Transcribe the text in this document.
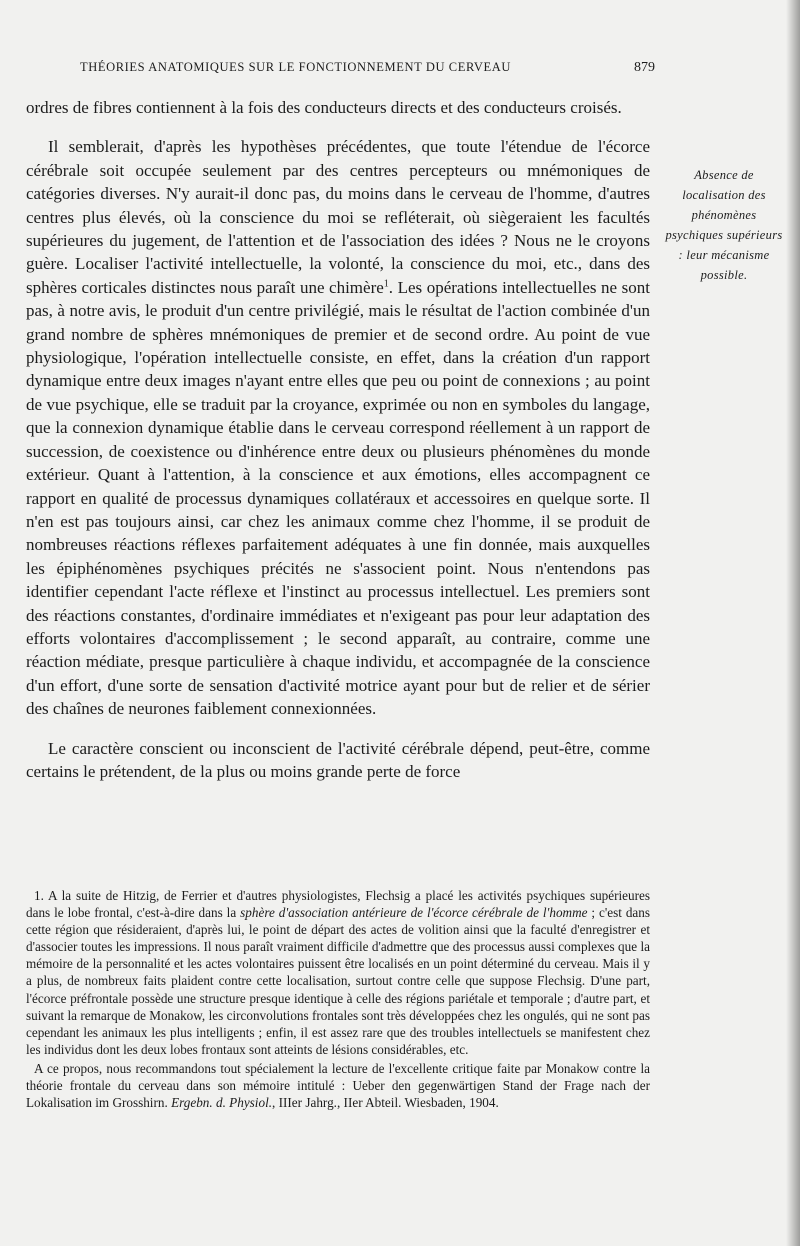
THÉORIES ANATOMIQUES SUR LE FONCTIONNEMENT DU CERVEAU	879

ordres de fibres contiennent à la fois des conducteurs directs et des conducteurs croisés.

Il semblerait, d'après les hypothèses précédentes, que toute l'étendue de l'écorce cérébrale soit occupée seulement par des centres percepteurs ou mnémoniques de catégories diverses. N'y aurait-il donc pas, du moins dans le cerveau de l'homme, d'autres centres plus élevés, où la conscience du moi se refléterait, où siègeraient les facultés supérieures du jugement, de l'attention et de l'association des idées ? Nous ne le croyons guère. Localiser l'activité intellectuelle, la volonté, la conscience du moi, etc., dans des sphères corticales distinctes nous paraît une chimère$^1$. Les opérations intellectuelles ne sont pas, à notre avis, le produit d'un centre privilégié, mais le résultat de l'action combinée d'un grand nombre de sphères mnémoniques de premier et de second ordre. Au point de vue physiologique, l'opération intellectuelle consiste, en effet, dans la création d'un rapport dynamique entre deux images n'ayant entre elles que peu ou point de connexions ; au point de vue psychique, elle se traduit par la croyance, exprimée ou non en symboles du langage, que la connexion dynamique établie dans le cerveau correspond réellement à un rapport de succession, de coexistence ou d'inhérence entre deux ou plusieurs phénomènes du monde extérieur. Quant à l'attention, à la conscience et aux émotions, elles accompagnent ce rapport en qualité de processus dynamiques collatéraux et accessoires en quelque sorte. Il n'en est pas toujours ainsi, car chez les animaux comme chez l'homme, il se produit de nombreuses réactions réflexes parfaitement adéquates à une fin donnée, mais auxquelles les épiphénomènes psychiques précités ne s'associent point. Nous n'entendons pas identifier cependant l'acte réflexe et l'instinct au processus intellectuel. Les premiers sont des réactions constantes, d'ordinaire immédiates et n'exigeant pas pour leur adaptation des efforts volontaires d'accomplissement ; le second apparaît, au contraire, comme une réaction médiate, presque particulière à chaque individu, et accompagnée de la conscience d'un effort, d'une sorte de sensation d'activité motrice ayant pour but de relier et de sérier des chaînes de neurones faiblement connexionnées.

Le caractère conscient ou inconscient de l'activité cérébrale dépend, peut-être, comme certains le prétendent, de la plus ou moins grande perte de force

Absence de localisation des phénomènes psychiques supérieurs : leur mécanisme possible.

1. A la suite de Hitzig, de Ferrier et d'autres physiologistes, Flechsig a placé les activités psychiques supérieures dans le lobe frontal, c'est-à-dire dans la sphère d'association antérieure de l'écorce cérébrale de l'homme ; c'est dans cette région que résideraient, d'après lui, le point de départ des actes de volition ainsi que la faculté d'enregistrer et d'associer toutes les impressions. Il nous paraît vraiment difficile d'admettre que des processus aussi complexes que la mémoire de la personnalité et les actes volontaires puissent être localisés en un point déterminé du cerveau. Mais il y a plus, de nombreux faits plaident contre cette localisation, surtout contre celle que suppose Flechsig. D'une part, l'écorce préfrontale possède une structure presque identique à celle des régions pariétale et temporale ; d'autre part, et suivant la remarque de Monakow, les circonvolutions frontales sont très développées chez les ongulés, qui ne sont pas cependant les animaux les plus intelligents ; enfin, il est assez rare que des troubles intellectuels se manifestent chez les individus dont les deux lobes frontaux sont atteints de lésions considérables, etc.

A ce propos, nous recommandons tout spécialement la lecture de l'excellente critique faite par Monakow contre la théorie frontale du cerveau dans son mémoire intitulé : Ueber den gegenwärtigen Stand der Frage nach der Lokalisation im Grosshirn. Ergebn. d. Physiol., IIIer Jahrg., IIer Abteil. Wiesbaden, 1904.
